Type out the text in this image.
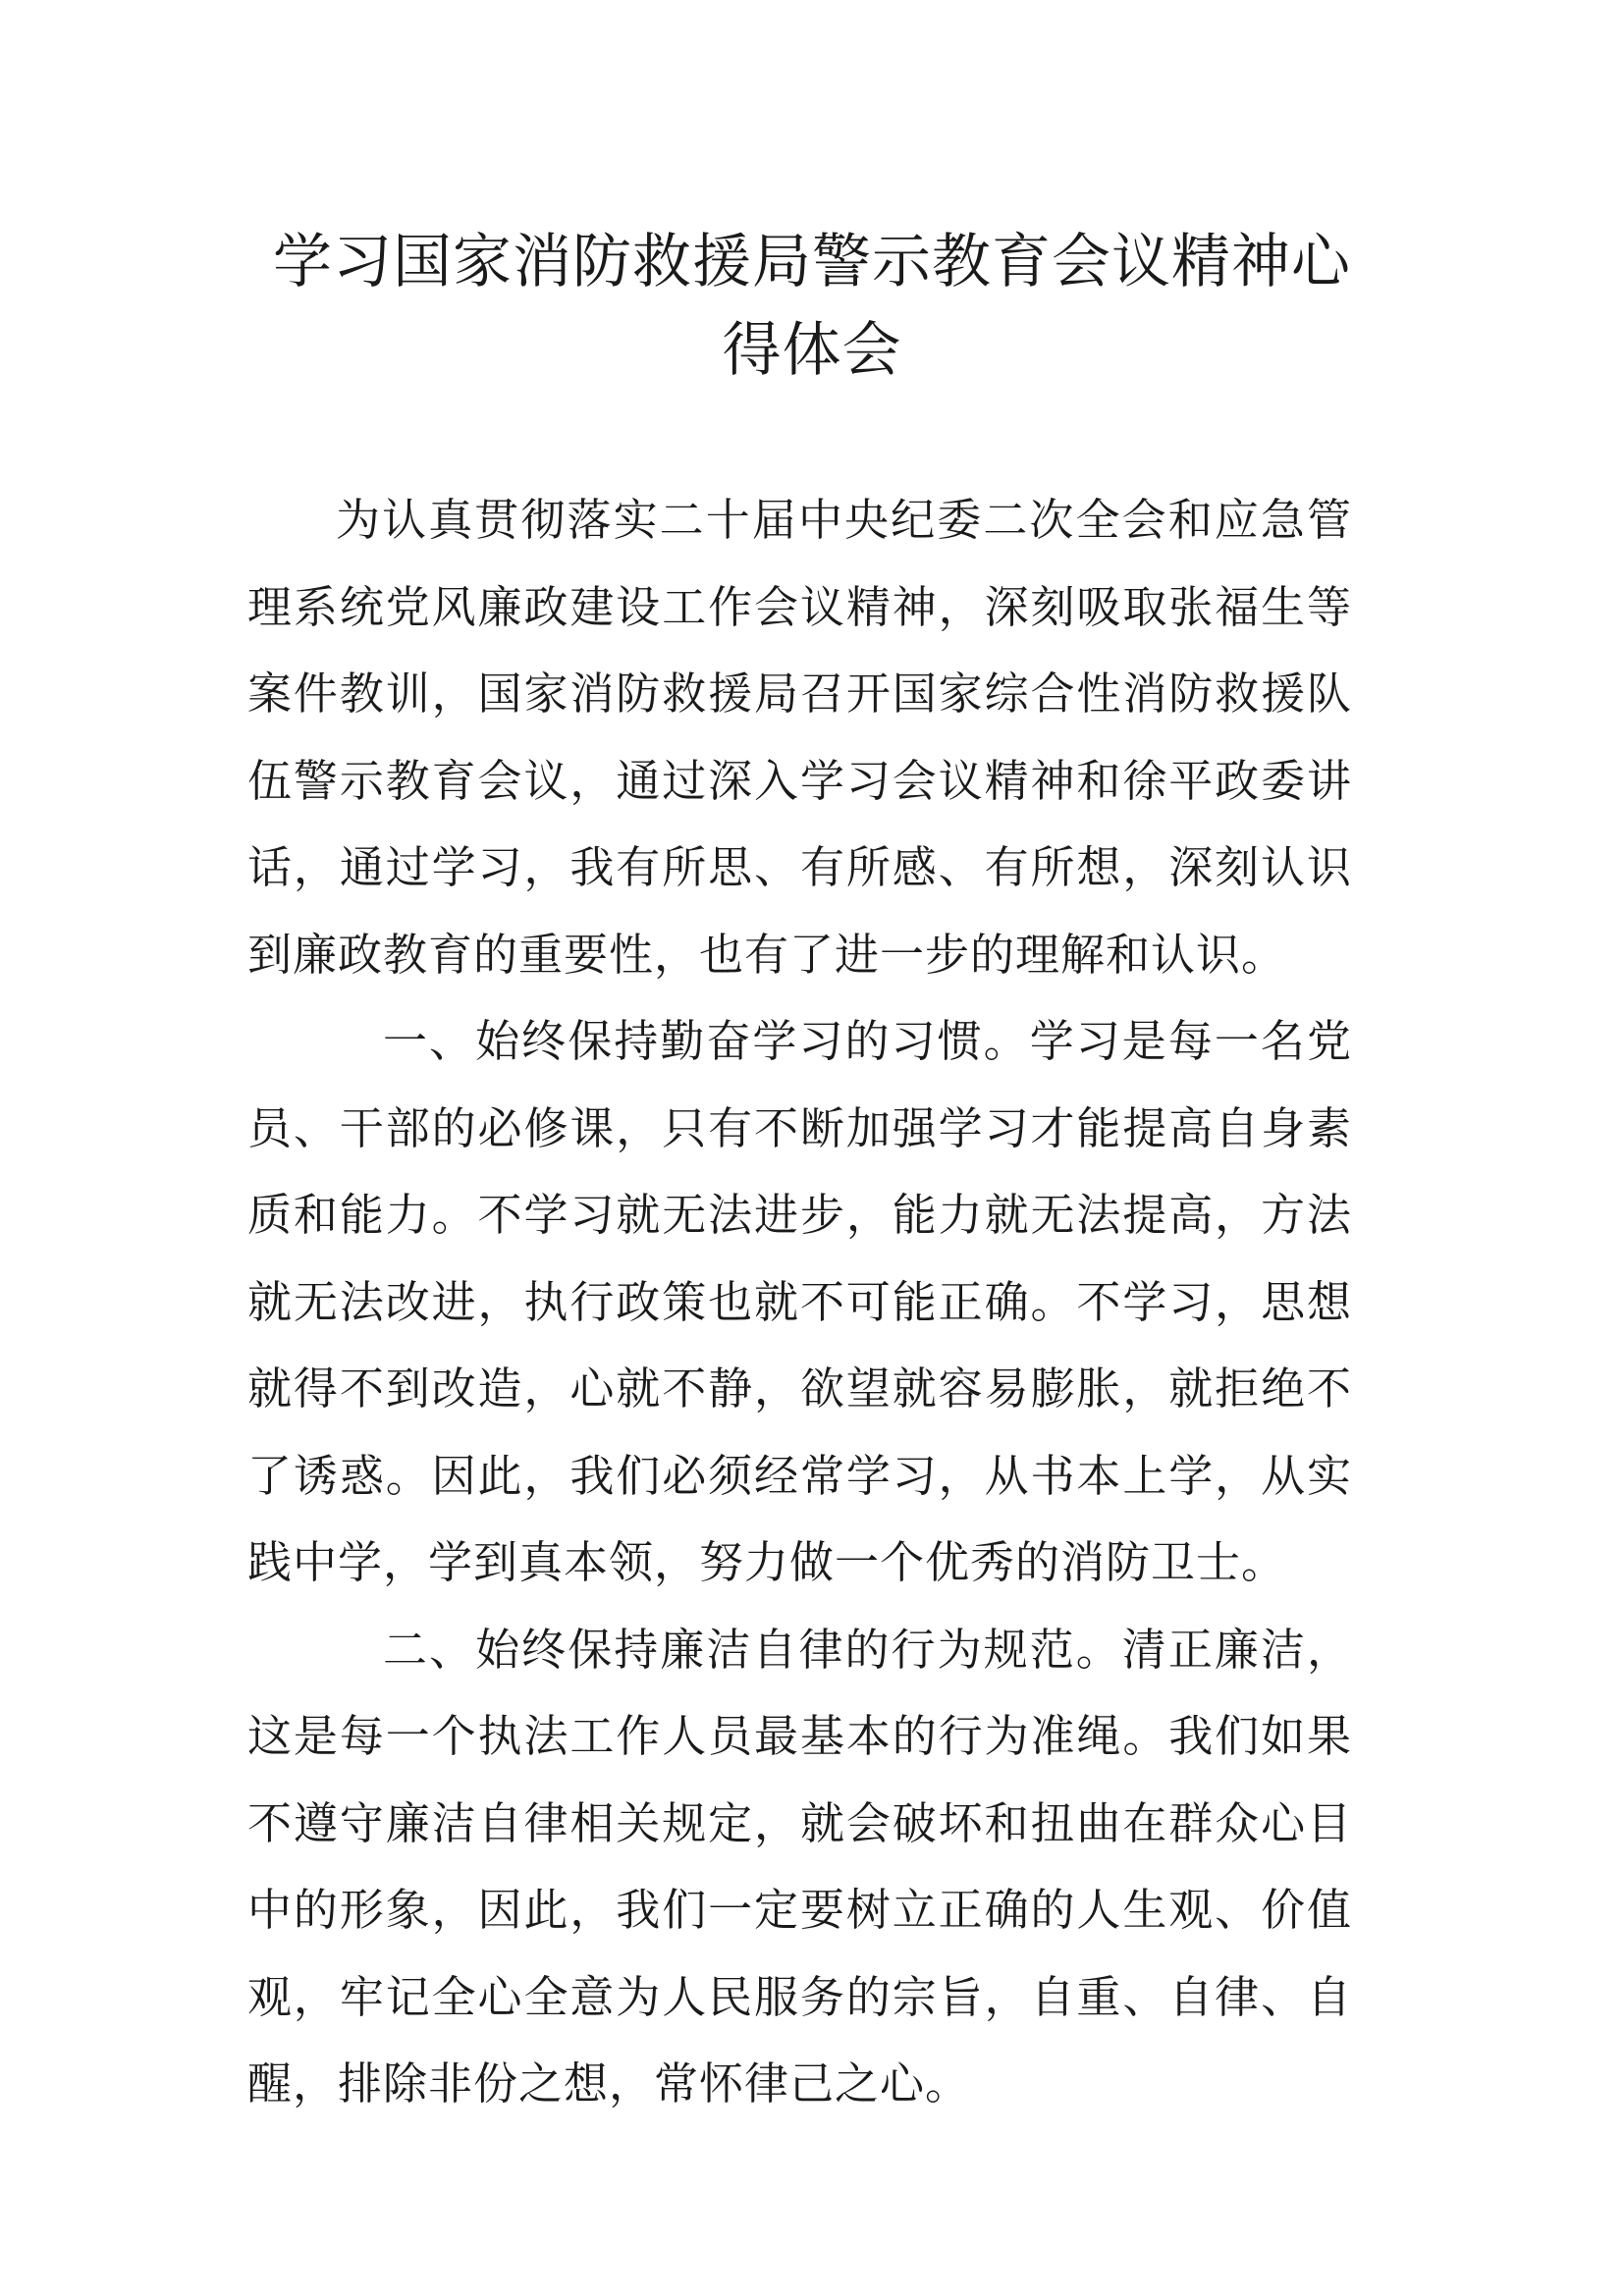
学习国家消防救援局警示教育会议精神心得体会

为认真贯彻落实二十届中央纪委二次全会和应急管理系统党风廉政建设工作会议精神，深刻吸取张福生等案件教训，国家消防救援局召开国家综合性消防救援队伍警示教育会议，通过深入学习会议精神和徐平政委讲话，通过学习，我有所思、有所感、有所想，深刻认识到廉政教育的重要性，也有了进一步的理解和认识。

一、始终保持勤奋学习的习惯。学习是每一名党员、干部的必修课，只有不断加强学习才能提高自身素质和能力。不学习就无法进步，能力就无法提高，方法就无法改进，执行政策也就不可能正确。不学习，思想就得不到改造，心就不静，欲望就容易膨胀，就拒绝不了诱惑。因此，我们必须经常学习，从书本上学，从实践中学，学到真本领，努力做一个优秀的消防卫士。

二、始终保持廉洁自律的行为规范。清正廉洁，这是每一个执法工作人员最基本的行为准绳。我们如果不遵守廉洁自律相关规定，就会破坏和扭曲在群众心目中的形象，因此，我们一定要树立正确的人生观、价值观，牢记全心全意为人民服务的宗旨，自重、自律、自醒，排除非份之想，常怀律己之心。
